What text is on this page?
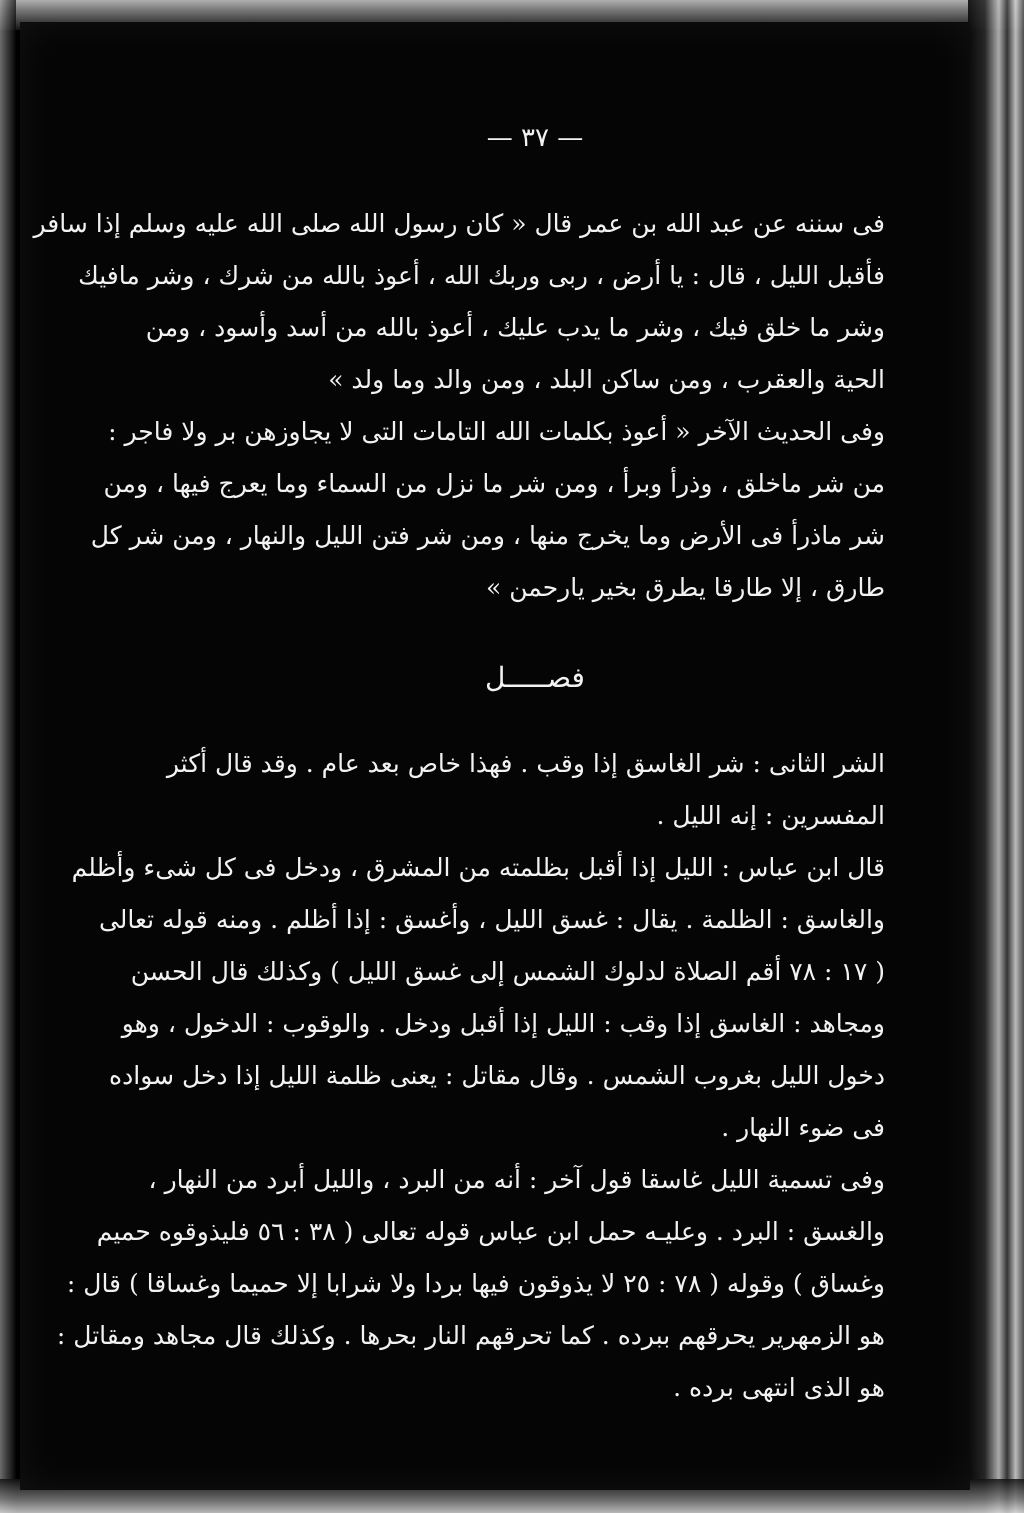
— ٣٧ —
فى سننه عن عبد الله بن عمر قال « كان رسول الله صلى الله عليه وسلم إذا سافر
فأقبل الليل ، قال : يا أرض ، ربى وربك الله ، أعوذ بالله من شرك ، وشر مافيك
وشر ما خلق فيك ، وشر ما يدب عليك ، أعوذ بالله من أسد وأسود ، ومن
الحية والعقرب ، ومن ساكن البلد ، ومن والد وما ولد »
وفى الحديث الآخر « أعوذ بكلمات الله التامات التى لا يجاوزهن بر ولا فاجر :
من شر ماخلق ، وذرأ وبرأ ، ومن شر ما نزل من السماء وما يعرج فيها ، ومن
شر ماذرأ فى الأرض وما يخرج منها ، ومن شر فتن الليل والنهار ، ومن شر كل
طارق ، إلا طارقا يطرق بخير يارحمن »
فصـــــل
الشر الثانى : شر الغاسق إذا وقب . فهذا خاص بعد عام . وقد قال أكثر
المفسرين : إنه الليل .
قال ابن عباس : الليل إذا أقبل بظلمته من المشرق ، ودخل فى كل شىء وأظلم
والغاسق : الظلمة . يقال : غسق الليل ، وأغسق : إذا أظلم . ومنه قوله تعالى
( ١٧ : ٧٨ أقم الصلاة لدلوك الشمس إلى غسق الليل ) وكذلك قال الحسن
ومجاهد : الغاسق إذا وقب : الليل إذا أقبل ودخل . والوقوب : الدخول ، وهو
دخول الليل بغروب الشمس . وقال مقاتل : يعنى ظلمة الليل إذا دخل سواده
فى ضوء النهار .
وفى تسمية الليل غاسقا قول آخر : أنه من البرد ، والليل أبرد من النهار ،
والغسق : البرد . وعليـه حمل ابن عباس قوله تعالى ( ٣٨ : ٥٦ فليذوقوه حميم
وغساق ) وقوله ( ٧٨ : ٢٥ لا يذوقون فيها بردا ولا شرابا إلا حميما وغساقا ) قال :
هو الزمهرير يحرقهم ببرده . كما تحرقهم النار بحرها . وكذلك قال مجاهد ومقاتل :
هو الذى انتهى برده .
